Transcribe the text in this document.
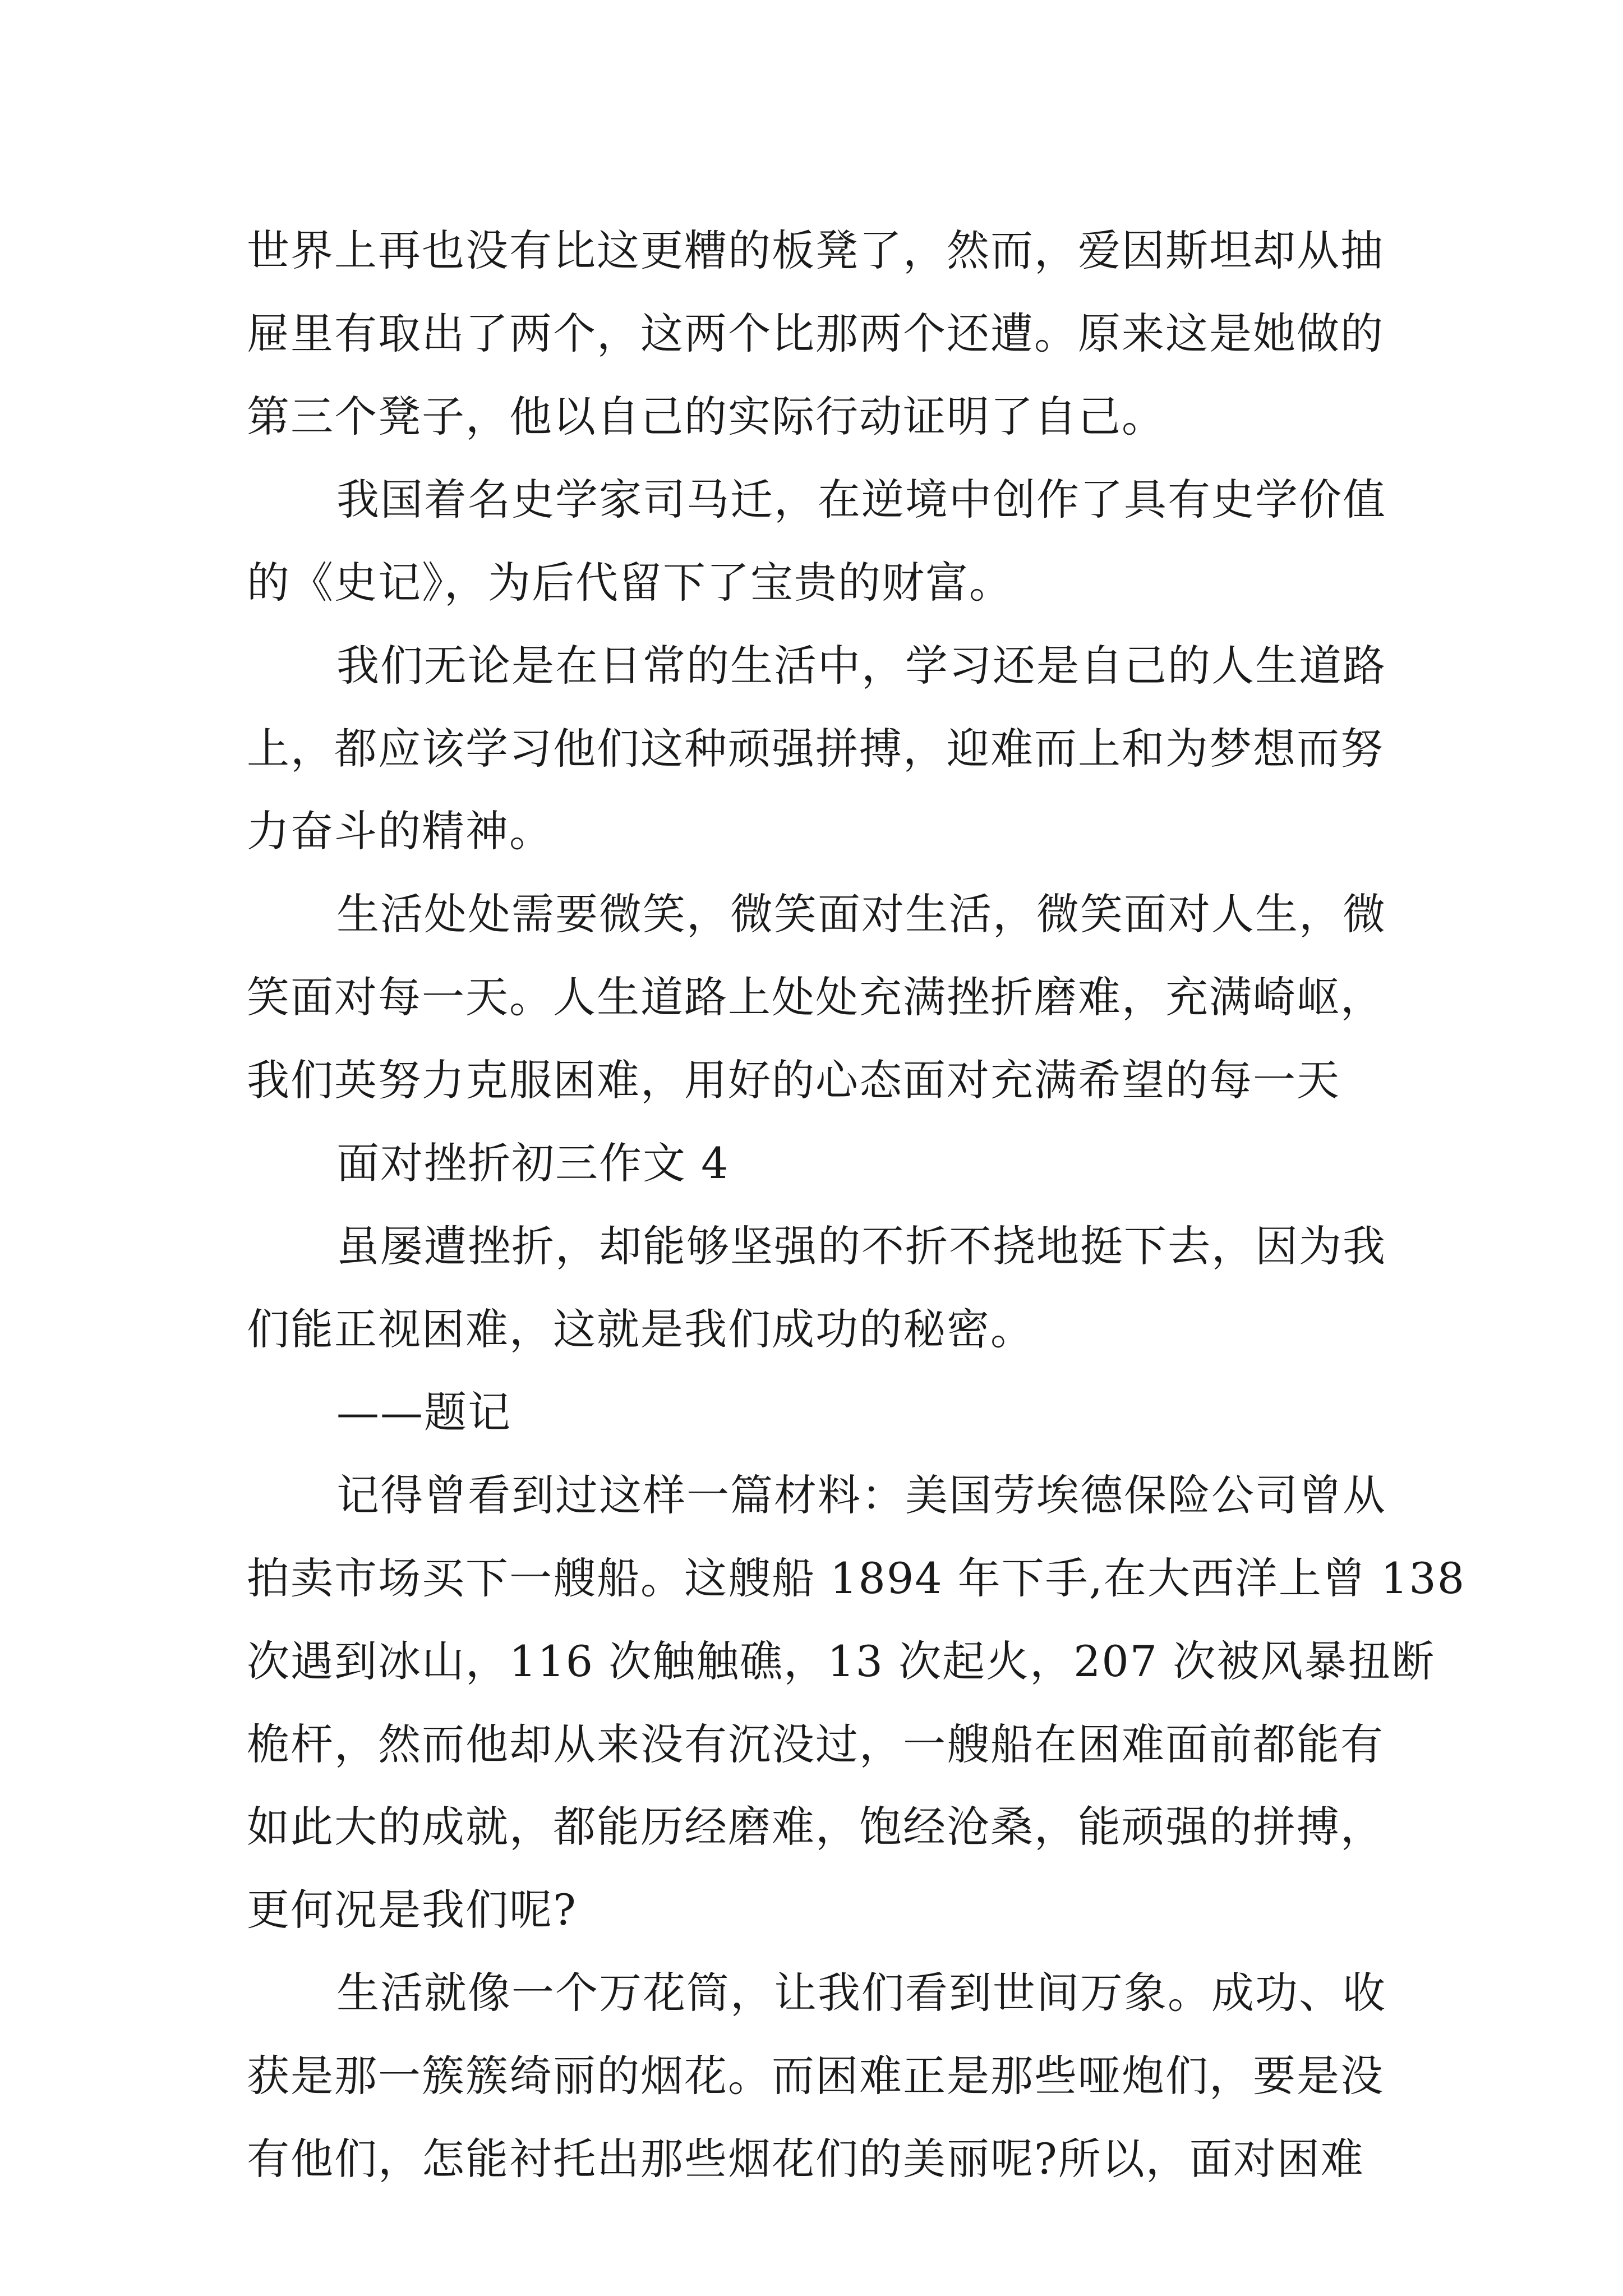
世界上再也没有比这更糟的板凳了，然而，爱因斯坦却从抽
屉里有取出了两个，这两个比那两个还遭。原来这是她做的
第三个凳子，他以自己的实际行动证明了自己。
我国着名史学家司马迁，在逆境中创作了具有史学价值
的《史记》，为后代留下了宝贵的财富。
我们无论是在日常的生活中，学习还是自己的人生道路
上，都应该学习他们这种顽强拼搏，迎难而上和为梦想而努
力奋斗的精神。
生活处处需要微笑，微笑面对生活，微笑面对人生，微
笑面对每一天。人生道路上处处充满挫折磨难，充满崎岖，
我们英努力克服困难，用好的心态面对充满希望的每一天
面对挫折初三作文 4
虽屡遭挫折，却能够坚强的不折不挠地挺下去，因为我
们能正视困难，这就是我们成功的秘密。
——题记
记得曾看到过这样一篇材料：美国劳埃德保险公司曾从
拍卖市场买下一艘船。这艘船 1894 年下手,在大西洋上曾 138
次遇到冰山，116 次触触礁，13 次起火，207 次被风暴扭断
桅杆，然而他却从来没有沉没过，一艘船在困难面前都能有
如此大的成就，都能历经磨难，饱经沧桑，能顽强的拼搏，
更何况是我们呢?
生活就像一个万花筒，让我们看到世间万象。成功、收
获是那一簇簇绮丽的烟花。而困难正是那些哑炮们，要是没
有他们，怎能衬托出那些烟花们的美丽呢?所以，面对困难
